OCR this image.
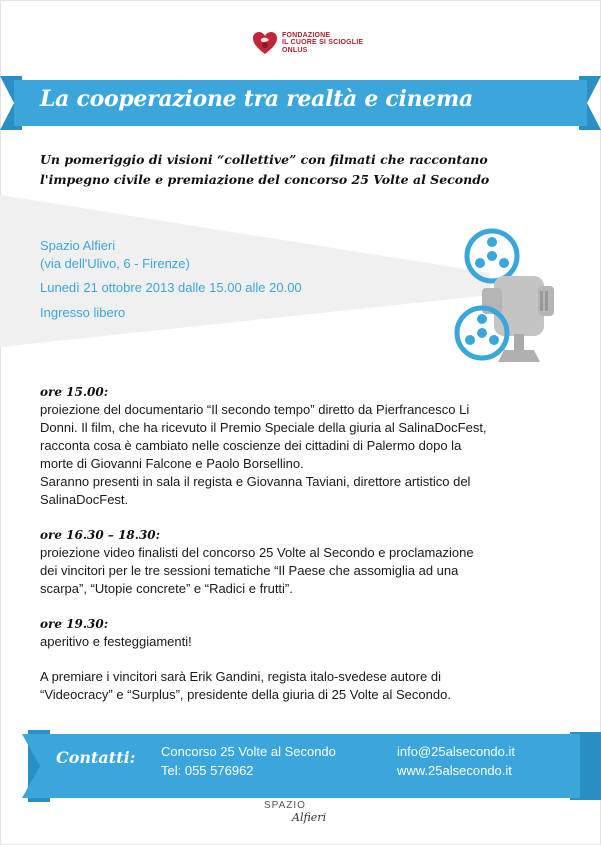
FONDAZIONE
IL CUORE SI SCIOGLIE
ONLUS
La cooperazione tra realtà e cinema
Un pomeriggio di visioni “collettive” con filmati che raccontano
l'impegno civile e premiazione del concorso 25 Volte al Secondo
Spazio Alfieri
(via dell'Ulivo, 6 - Firenze)
Lunedì 21 ottobre 2013 dalle 15.00 alle 20.00
Ingresso libero
ore 15.00:
proiezione del documentario “Il secondo tempo” diretto da Pierfrancesco Li
Donni. Il film, che ha ricevuto il Premio Speciale della giuria al SalinaDocFest,
racconta cosa è cambiato nelle coscienze dei cittadini di Palermo dopo la
morte di Giovanni Falcone e Paolo Borsellino.
Saranno presenti in sala il regista e Giovanna Taviani, direttore artistico del
SalinaDocFest.
ore 16.30 – 18.30:
proiezione video finalisti del concorso 25 Volte al Secondo e proclamazione
dei vincitori per le tre sessioni tematiche “Il Paese che assomiglia ad una
scarpa”, “Utopie concrete” e “Radici e frutti”.
ore 19.30:
aperitivo e festeggiamenti!
A premiare i vincitori sarà Erik Gandini, regista italo-svedese autore di
“Videocracy” e “Surplus”, presidente della giuria di 25 Volte al Secondo.
Contatti: Concorso 25 Volte al Secondo
Tel: 055 576962
info@25alsecondo.it
www.25alsecondo.it
SPAZIO
Alfieri
